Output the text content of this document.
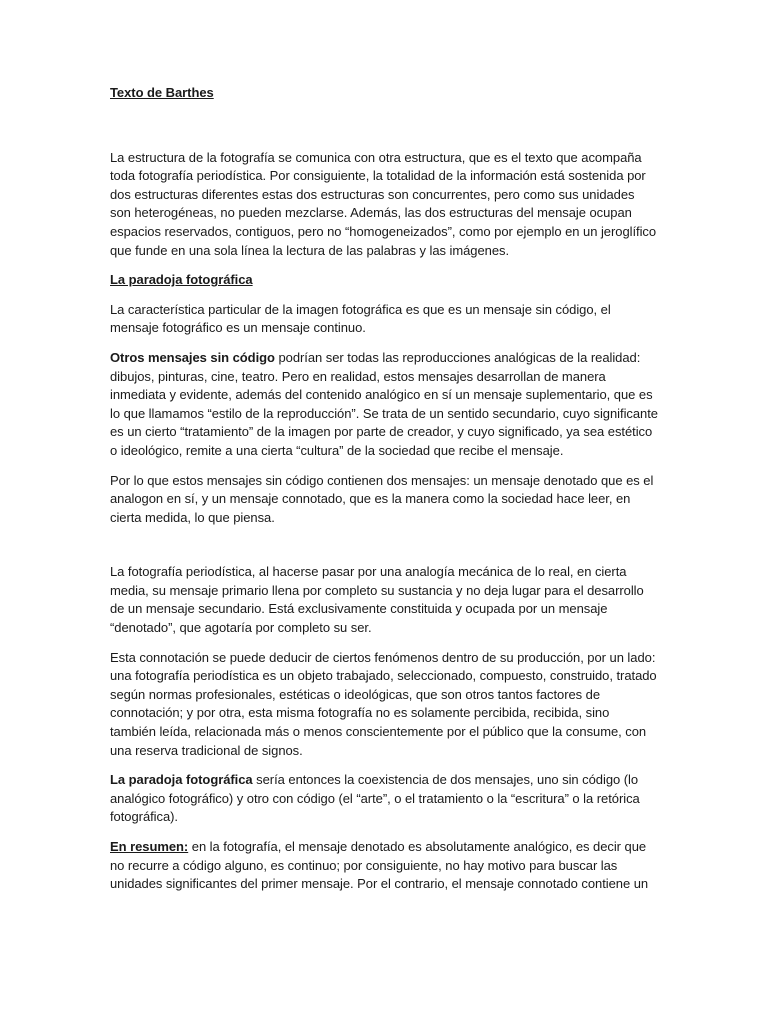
Texto de Barthes

La estructura de la fotografía se comunica con otra estructura, que es el texto que acompaña toda fotografía periodística. Por consiguiente, la totalidad de la información está sostenida por dos estructuras diferentes estas dos estructuras son concurrentes, pero como sus unidades son heterogéneas, no pueden mezclarse. Además, las dos estructuras del mensaje ocupan espacios reservados, contiguos, pero no “homogeneizados”, como por ejemplo en un jeroglífico que funde en una sola línea la lectura de las palabras y las imágenes.

La paradoja fotográfica

La característica particular de la imagen fotográfica es que es un mensaje sin código, el mensaje fotográfico es un mensaje continuo.

Otros mensajes sin código podrían ser todas las reproducciones analógicas de la realidad: dibujos, pinturas, cine, teatro. Pero en realidad, estos mensajes desarrollan de manera inmediata y evidente, además del contenido analógico en sí un mensaje suplementario, que es lo que llamamos “estilo de la reproducción”. Se trata de un sentido secundario, cuyo significante es un cierto “tratamiento” de la imagen por parte de creador, y cuyo significado, ya sea estético o ideológico, remite a una cierta “cultura” de la sociedad que recibe el mensaje.

Por lo que estos mensajes sin código contienen dos mensajes: un mensaje denotado que es el analogon en sí, y un mensaje connotado, que es la manera como la sociedad hace leer, en cierta medida, lo que piensa.

La fotografía periodística, al hacerse pasar por una analogía mecánica de lo real, en cierta media, su mensaje primario llena por completo su sustancia y no deja lugar para el desarrollo de un mensaje secundario. Está exclusivamente constituida y ocupada por un mensaje “denotado”, que agotaría por completo su ser.

Esta connotación se puede deducir de ciertos fenómenos dentro de su producción, por un lado: una fotografía periodística es un objeto trabajado, seleccionado, compuesto, construido, tratado según normas profesionales, estéticas o ideológicas, que son otros tantos factores de connotación; y por otra, esta misma fotografía no es solamente percibida, recibida, sino también leída, relacionada más o menos conscientemente por el público que la consume, con una reserva tradicional de signos.

La paradoja fotográfica sería entonces la coexistencia de dos mensajes, uno sin código (lo analógico fotográfico) y otro con código (el “arte”, o el tratamiento o la “escritura” o la retórica fotográfica).

En resumen: en la fotografía, el mensaje denotado es absolutamente analógico, es decir que no recurre a código alguno, es continuo; por consiguiente, no hay motivo para buscar las unidades significantes del primer mensaje. Por el contrario, el mensaje connotado contiene un
